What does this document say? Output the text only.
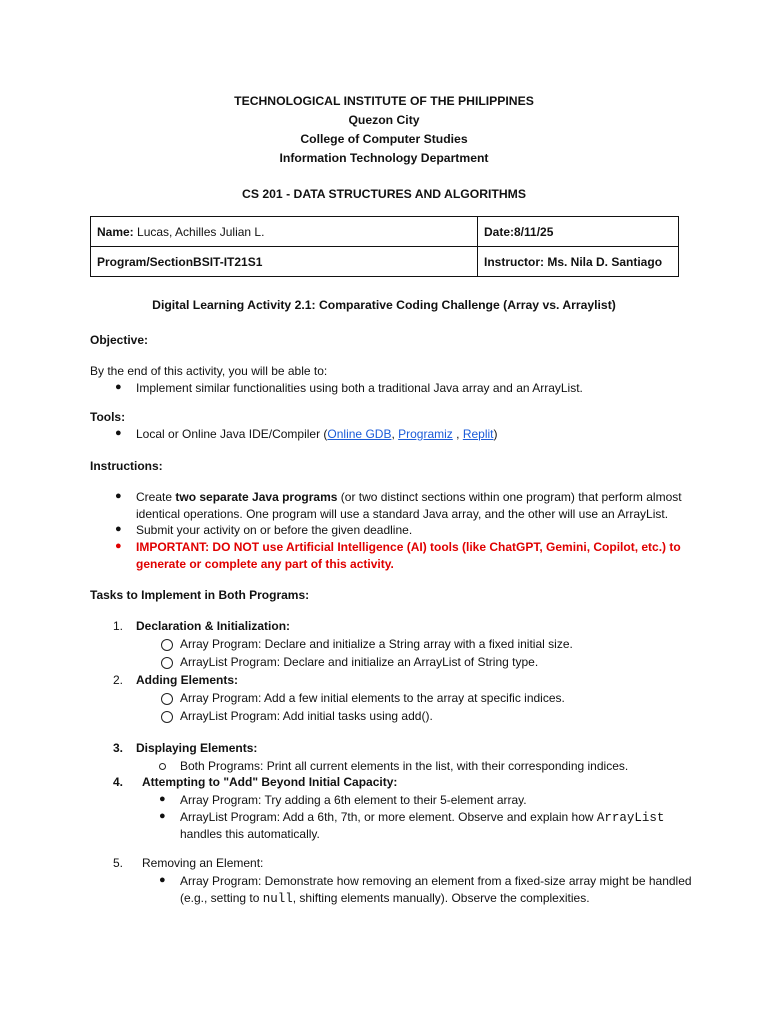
TECHNOLOGICAL INSTITUTE OF THE PHILIPPINES
Quezon City
College of Computer Studies
Information Technology Department
CS 201 - DATA STRUCTURES AND ALGORITHMS
Name: Lucas, Achilles Julian L.	Date:8/11/25
Program/SectionBSIT-IT21S1	Instructor: Ms. Nila D. Santiago
Digital Learning Activity 2.1: Comparative Coding Challenge (Array vs. Arraylist)
Objective:
By the end of this activity, you will be able to:
● Implement similar functionalities using both a traditional Java array and an ArrayList.
Tools:
● Local or Online Java IDE/Compiler (Online GDB, Programiz , Replit)
Instructions:
● Create two separate Java programs (or two distinct sections within one program) that perform almost
identical operations. One program will use a standard Java array, and the other will use an ArrayList.
● Submit your activity on or before the given deadline.
● IMPORTANT: DO NOT use Artificial Intelligence (AI) tools (like ChatGPT, Gemini, Copilot, etc.) to
generate or complete any part of this activity.
Tasks to Implement in Both Programs:
1. Declaration & Initialization:
Array Program: Declare and initialize a String array with a fixed initial size.
ArrayList Program: Declare and initialize an ArrayList of String type.
2. Adding Elements:
Array Program: Add a few initial elements to the array at specific indices.
ArrayList Program: Add initial tasks using add().
3. Displaying Elements:
Both Programs: Print all current elements in the list, with their corresponding indices.
4. Attempting to "Add" Beyond Initial Capacity:
● Array Program: Try adding a 6th element to their 5-element array.
● ArrayList Program: Add a 6th, 7th, or more element. Observe and explain how ArrayList
handles this automatically.
5. Removing an Element:
● Array Program: Demonstrate how removing an element from a fixed-size array might be handled
(e.g., setting to null, shifting elements manually). Observe the complexities.
